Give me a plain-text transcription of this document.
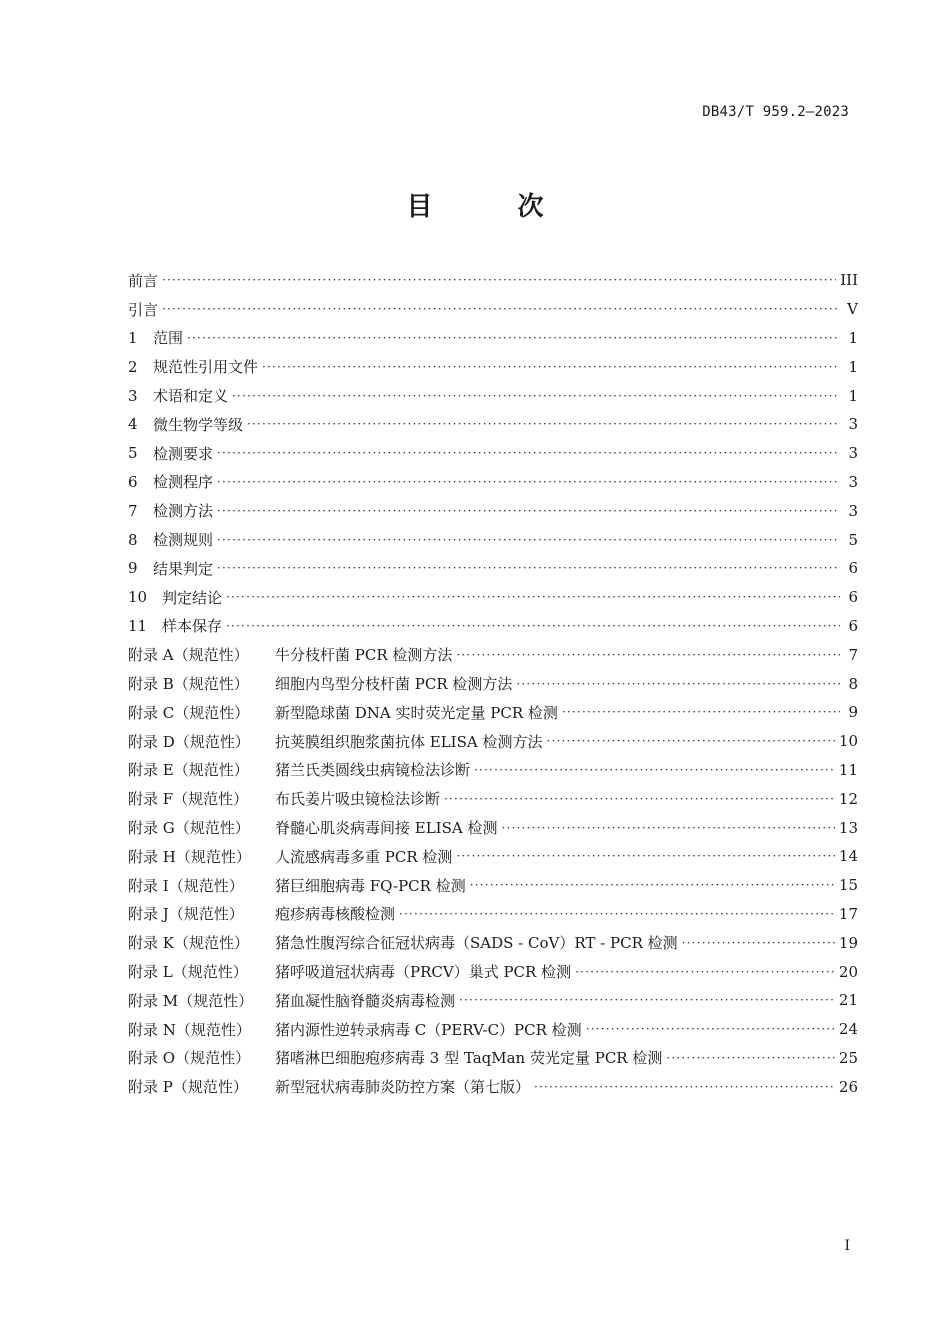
DB43/T 959.2—2023
目 次
前言 ·····	III
引言 ·····	V
1	范围 ·····	1
2	规范性引用文件 ·····	1
3	术语和定义 ·····	1
4	微生物学等级 ·····	3
5	检测要求 ·····	3
6	检测程序 ·····	3
7	检测方法 ·····	3
8	检测规则 ·····	5
9	结果判定 ·····	6
10 判定结论 ·····	6
11 样本保存 ·····	6
附录 A（规范性）	牛分枝杆菌 PCR 检测方法 ·····	7
附录 B（规范性）	细胞内鸟型分枝杆菌 PCR 检测方法 ·····	8
附录 C（规范性）	新型隐球菌 DNA 实时荧光定量 PCR 检测 ·····	9
附录 D（规范性）	抗荚膜组织胞浆菌抗体 ELISA 检测方法 ·····	10
附录 E（规范性）	猪兰氏类圆线虫病镜检法诊断 ·····	11
附录 F（规范性）	布氏姜片吸虫镜检法诊断 ·····	12
附录 G（规范性）	脊髓心肌炎病毒间接 ELISA 检测 ·····	13
附录 H（规范性）	人流感病毒多重 PCR 检测 ·····	14
附录 I（规范性）	猪巨细胞病毒 FQ-PCR 检测 ·····	15
附录 J（规范性）	疱疹病毒核酸检测 ·····	17
附录 K（规范性）	猪急性腹泻综合征冠状病毒（SADS - CoV）RT - PCR 检测 ·····	19
附录 L（规范性）	猪呼吸道冠状病毒（PRCV）巢式 PCR 检测 ·····	20
附录 M（规范性）	猪血凝性脑脊髓炎病毒检测 ·····	21
附录 N（规范性）	猪内源性逆转录病毒 C（PERV-C）PCR 检测 ·····	24
附录 O（规范性）	猪嗜淋巴细胞疱疹病毒 3 型 TaqMan 荧光定量 PCR 检测 ·····	25
附录 P（规范性）	新型冠状病毒肺炎防控方案（第七版） ·····	26
I
